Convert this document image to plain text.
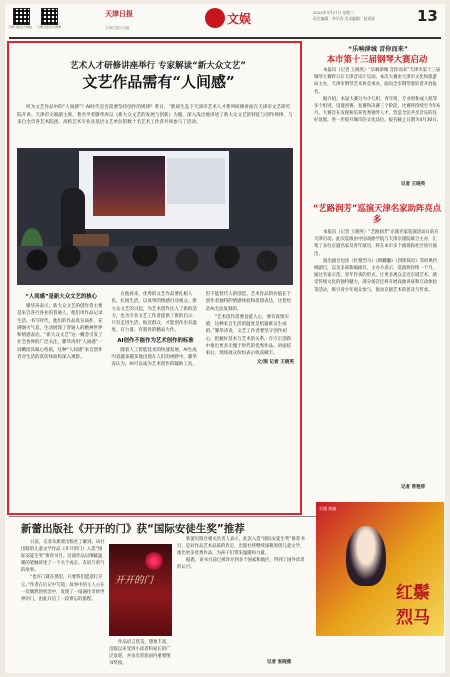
天津日报官方微信 天津日报官方微博
天津日报
天津日报社出版
文娱	2024年3月27日 星期三
责任编辑：李学武 美术编辑：赵延丽	13
艺术人才研修讲座举行 专家解读“新大众文艺”
文艺作品需有“人间感”
何为文艺作品中的“人间感”？AI时代是否需要坚持创作的规律？昨日，“新质生态下天津市艺术人才系列研修讲座在天津市文艺研究院开讲。天津市文联副主席、著名学者滕华涛以《新大众文艺的发展与创新》为题，深入浅出地讲述了新大众文艺的特征与创作规律，与来自全市各艺术院团、高校艺术专业及基层文艺单位的数十名艺术工作者共同参与了活动。

“人间感”是新大众文艺的核心

滕华涛表示，新大众文艺的创作者主要是来自各行各业的普通人，他们用作品记录生活、书写时代，他们的作品真实质朴，充满烟火气息，生动展现了普通人的精神世界和情感表达。“新大众文艺”这一概念引发了社会各界的广泛关注，滕华涛用“人间感”一词概括其核心特质，这种“人间感”来自创作者对生活的真切体验和深入观察。

在他看来，优秀的文艺作品要扎根人民、扎根生活，以真挚的情感打动观众。新大众文艺的兴起，为艺术创作注入了新的活力，也为专业文艺工作者提供了新的启示：只有走进生活、贴近群众，才能创作出有温度、有力量、有筋骨的精品力作。

AI创作不能作为艺术创作的标准

随着人工智能技术的快速发展，AI生成内容越来越多地出现在人们的视野中。滕华涛认为，AI可以成为艺术创作的辅助工具，但不能替代人的创造。艺术作品的价值在于创作者独特的情感体验和思想表达，这恰恰是AI无法复制的。

“艺术创作需要直抵人心，要有真情实感，这种来自生活的温度是机器难以生成的。”滕华涛说，文艺工作者要坚守创作初心，把握好技术与艺术的关系，在守正创新中推出更多无愧于时代的优秀作品。讲座结束后，现场观众纷纷表示收获颇丰。

文/图 记者 王晓英

“乐响津城 音你而来”
本市第十三届钢琴大赛启动

本报讯（记者 王晓英）“乐响津城 音你而来”天津市第十三届钢琴大赛昨日在天津音乐厅启动。本次大赛由天津市文化和旅游局主办，天津市钢琴艺术协会承办，面向全市钢琴爱好者开放报名。

据介绍，本届大赛分为少儿组、青年组、专业组和成人组等多个组别，设置初赛、复赛和决赛三个阶段，比赛将持续至今年6月。大赛旨在发现和培养优秀钢琴人才，营造全民共享音乐的良好氛围，进一步提升城市的文化品位。报名截止日期为4月30日。

记者 王晓英
“艺路润芳”巡演天津名家助阵亮点多

本报讯（记者 王晓英）“艺路润芳”京剧名家巡演活动日前在天津启动。此次巡演由中国戏曲学院与天津京剧院联合主办，汇集了多位京剧名家及青年演员，将在本市多个剧场和社区进行演出。

演出剧目包括《红鬃烈马》《锁麟囊》《四郎探母》等经典传统剧目，以及多部新编剧目。主办方表示，巡演将持续一个月，通过名家示范、青年传承的形式，让更多观众走近京剧艺术、感受传统文化的独特魅力。部分场次还将开展戏曲讲座和互动体验等活动，吸引青少年观众参与，推动京剧艺术的普及与传承。

记者 常艳萍
新蕾出版社《开开的门》获“国际安徒生奖”推荐

日前，记者从新蕾出版社了解到，该社出版的儿童文学作品《开开的门》入选“国际安徒生奖”推荐书目。这部作品以细腻温暖的笔触讲述了一个关于成长、友谊与勇气的故事。

“也许门就在那里，只要我们愿意打开它。”作者在后记中写道。故事中的主人公在一次偶然的机会中，发现了一扇通往奇妙世界的门，由此开启了一段难忘的旅程。

开开的门

作品语言优美，想象丰富，出版以来受到小读者和家长的广泛欢迎，并多次荣获国内重要图书奖项。

新蕾出版社相关负责人表示，此次入选“国际安徒生奖”推荐书目，是对作品艺术品质的肯定，出版社将继续深耕原创儿童文学，推出更多优秀作品，为孩子们带来温暖和力量。

据悉，该书目前已被译介到多个国家和地区，得到了国外读者的认可。

记者 张晓燕
京剧 新编
红鬃烈马
